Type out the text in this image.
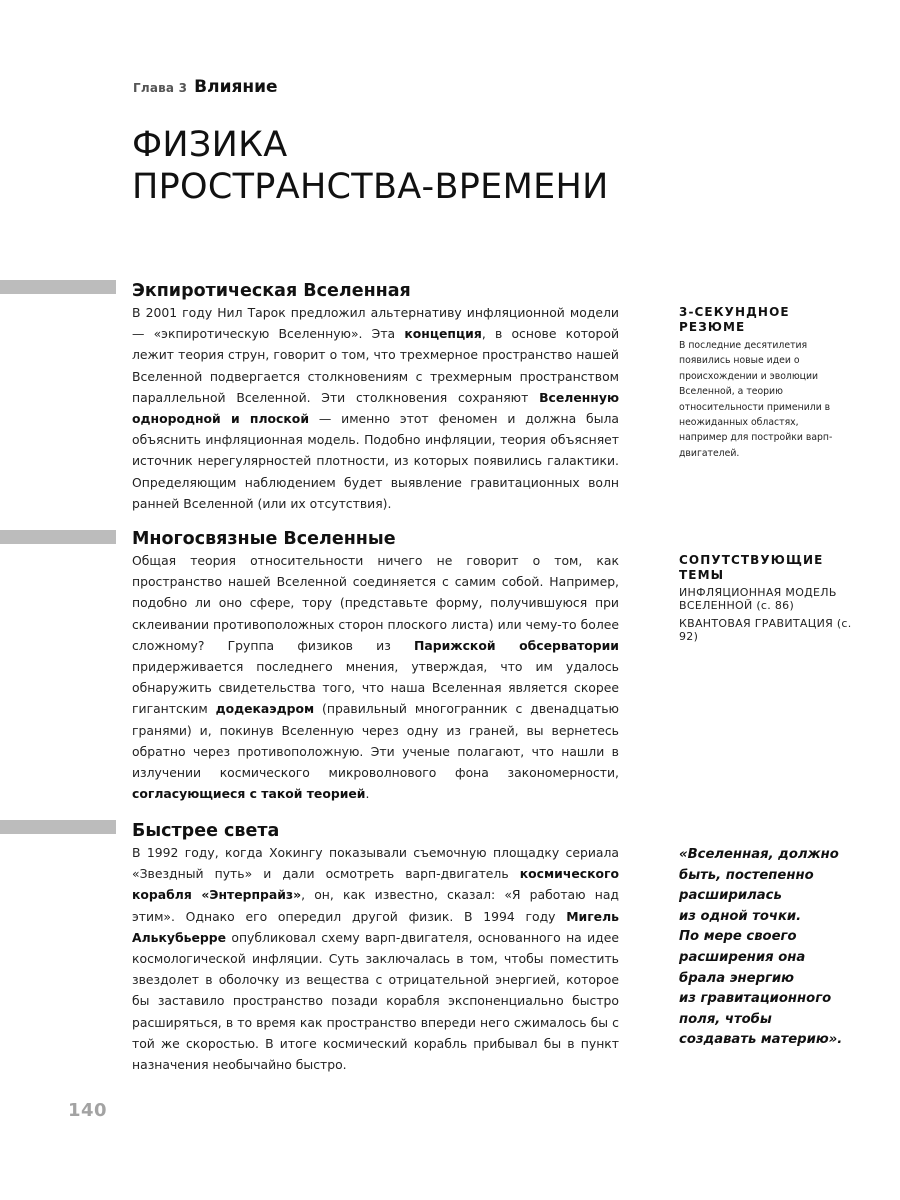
Глава 3 Влияние
ФИЗИКА
ПРОСТРАНСТВА-ВРЕМЕНИ
Экпиротическая Вселенная

В 2001 году Нил Тарок предложил альтернативу инфляционной модели — «экпиротическую Вселенную». Эта концепция, в основе которой лежит теория струн, говорит о том, что трехмерное пространство нашей Вселенной подвергается столкновениям с трехмерным пространством параллельной Вселенной. Эти столкновения сохраняют Вселенную однородной и плоской — именно этот феномен и должна была объяснить инфляционная модель. Подобно инфляции, теория объясняет источник нерегулярностей плотности, из которых появились галактики. Определяющим наблюдением будет выявление гравитационных волн ранней Вселенной (или их отсутствия).

Многосвязные Вселенные

Общая теория относительности ничего не говорит о том, как пространство нашей Вселенной соединяется с самим собой. Например, подобно ли оно сфере, тору (представьте форму, получившуюся при склеивании противоположных сторон плоского листа) или чему-то более сложному? Группа физиков из Парижской обсерватории придерживается последнего мнения, утверждая, что им удалось обнаружить свидетельства того, что наша Вселенная является скорее гигантским додекаэдром (правильный многогранник с двенадцатью гранями) и, покинув Вселенную через одну из граней, вы вернетесь обратно через противоположную. Эти ученые полагают, что нашли в излучении космического микроволнового фона закономерности, согласующиеся с такой теорией.

Быстрее света

В 1992 году, когда Хокингу показывали съемочную площадку сериала «Звездный путь» и дали осмотреть варп-двигатель космического корабля «Энтерпрайз», он, как известно, сказал: «Я работаю над этим». Однако его опередил другой физик. В 1994 году Мигель Алькубьерре опубликовал схему варп-двигателя, основанного на идее космологической инфляции. Суть заключалась в том, чтобы поместить звездолет в оболочку из вещества с отрицательной энергией, которое бы заставило пространство позади корабля экспоненциально быстро расширяться, в то время как пространство впереди него сжималось бы с той же скоростью. В итоге космический корабль прибывал бы в пункт назначения необычайно быстро.

3-СЕКУНДНОЕ РЕЗЮМЕ

В последние десятилетия появились новые идеи о происхождении и эволюции Вселенной, а теорию относительности применили в неожиданных областях, например для постройки варп-двигателей.

СОПУТСТВУЮЩИЕ ТЕМЫ

ИНФЛЯЦИОННАЯ МОДЕЛЬ ВСЕЛЕННОЙ (с. 86)

КВАНТОВАЯ ГРАВИТАЦИЯ (с. 92)

«Вселенная, должно
быть, постепенно
расширилась
из одной точки.
По мере своего
расширения она
брала энергию
из гравитационного
поля, чтобы
создавать материю».
140
